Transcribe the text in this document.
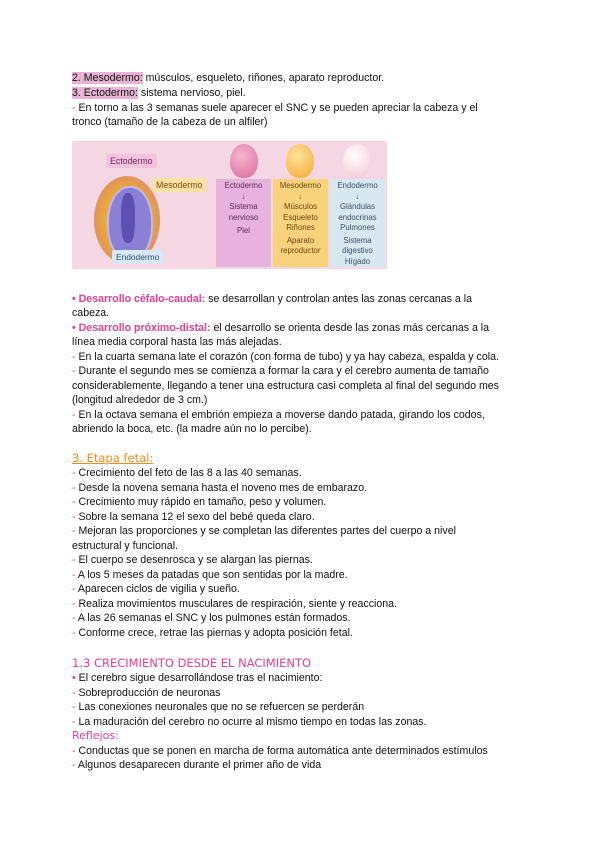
2. Mesodermo: músculos, esqueleto, riñones, aparato reproductor.
3. Ectodermo: sistema nervioso, piel.
- En torno a las 3 semanas suele aparecer el SNC y se pueden apreciar la cabeza y el
tronco (tamaño de la cabeza de un alfiler)
Ectodermo
Mesodermo
Endodermo
Ectodermo
↓
Sistema
nervioso
Piel
Mesodermo
↓
Músculos
Esqueleto
Riñones
Aparato
reproductor
Endodermo
↓
Glándulas
endocrinas
Pulmones
Sistema
digestivo
Hígado
• Desarrollo céfalo-caudal: se desarrollan y controlan antes las zonas cercanas a la
cabeza.
• Desarrollo próximo-distal: el desarrollo se orienta desde las zonas más cercanas a la
línea media corporal hasta las más alejadas.
- En la cuarta semana late el corazón (con forma de tubo) y ya hay cabeza, espalda y cola.
- Durante el segundo mes se comienza a formar la cara y el cerebro aumenta de tamaño
considerablemente, llegando a tener una estructura casi completa al final del segundo mes
(longitud alrededor de 3 cm.)
- En la octava semana el embrión empieza a moverse dando patada, girando los codos,
abriendo la boca, etc. (la madre aún no lo percibe).
3. Etapa fetal:
- Crecimiento del feto de las 8 a las 40 semanas.
- Desde la novena semana hasta el noveno mes de embarazo.
- Crecimiento muy rápido en tamaño, peso y volumen.
- Sobre la semana 12 el sexo del bebé queda claro.
- Mejoran las proporciones y se completan las diferentes partes del cuerpo a nivel
estructural y funcional.
- El cuerpo se desenrosca y se alargan las piernas.
- A los 5 meses da patadas que son sentidas por la madre.
- Aparecen ciclos de vigilia y sueño.
- Realiza movimientos musculares de respiración, siente y reacciona.
- A las 26 semanas el SNC y los pulmones están formados.
- Conforme crece, retrae las piernas y adopta posición fetal.
1.3 CRECIMIENTO DESDE EL NACIMIENTO
• El cerebro sigue desarrollándose tras el nacimiento:
- Sobreproducción de neuronas
- Las conexiones neuronales que no se refuercen se perderán
- La maduración del cerebro no ocurre al mismo tiempo en todas las zonas.
Reflejos:
- Conductas que se ponen en marcha de forma automática ante determinados estímulos
- Algunos desaparecen durante el primer año de vida
